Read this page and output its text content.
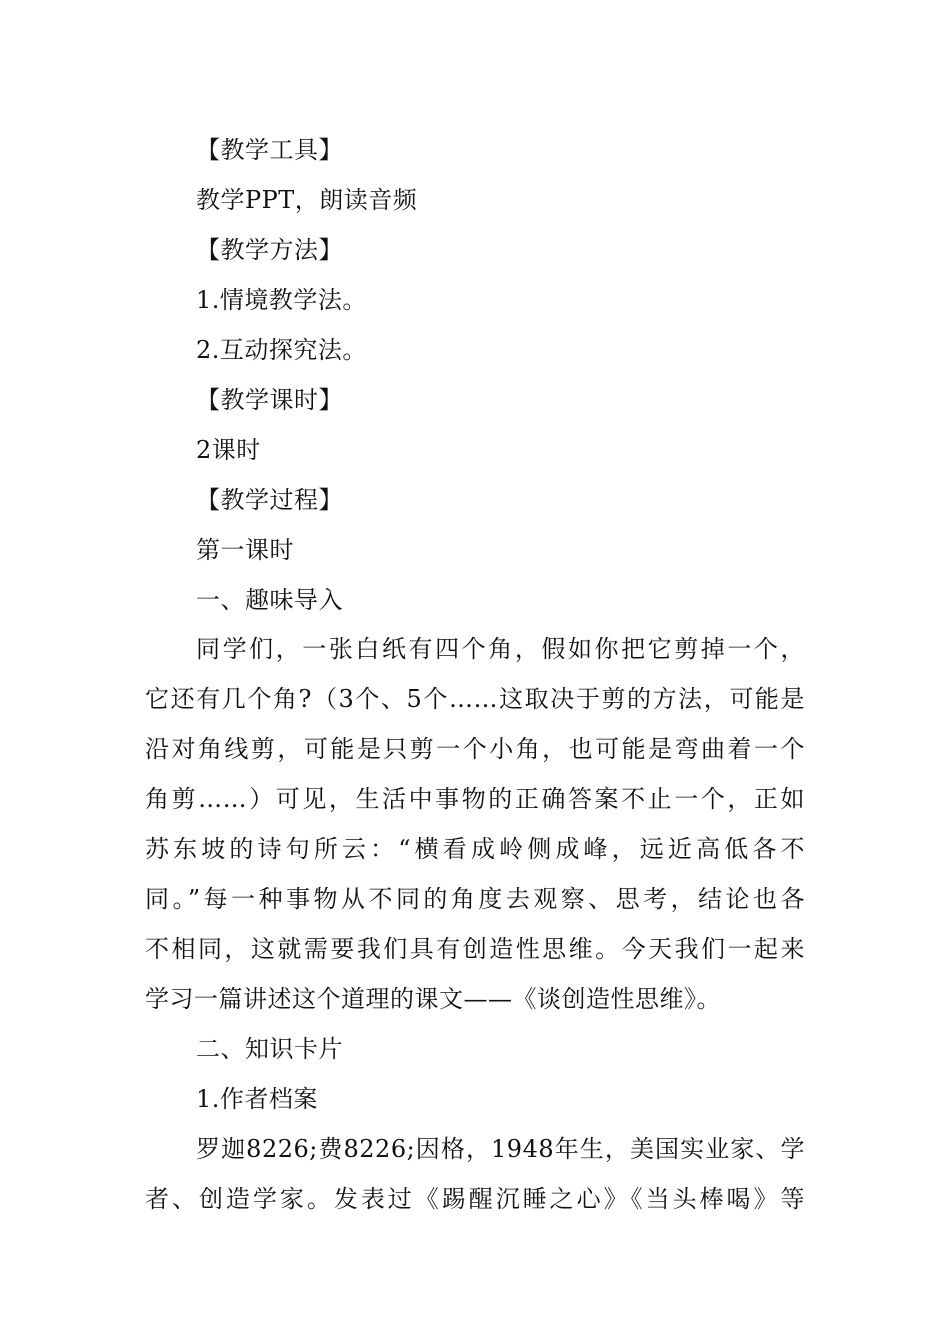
【教学工具】
教学PPT，朗读音频
【教学方法】
1.情境教学法。
2.互动探究法。
【教学课时】
2课时
【教学过程】
第一课时
一、趣味导入
同学们，一张白纸有四个角，假如你把它剪掉一个，
它还有几个角?（3个、5个……这取决于剪的方法，可能是
沿对角线剪，可能是只剪一个小角，也可能是弯曲着一个
角剪……）可见，生活中事物的正确答案不止一个，正如
苏东坡的诗句所云：“横看成岭侧成峰，远近高低各不
同。”每一种事物从不同的角度去观察、思考，结论也各
不相同，这就需要我们具有创造性思维。今天我们一起来
学习一篇讲述这个道理的课文——《谈创造性思维》。
二、知识卡片
1.作者档案
罗迦8226;费8226;因格，1948年生，美国实业家、学
者、创造学家。发表过《踢醒沉睡之心》《当头棒喝》等
